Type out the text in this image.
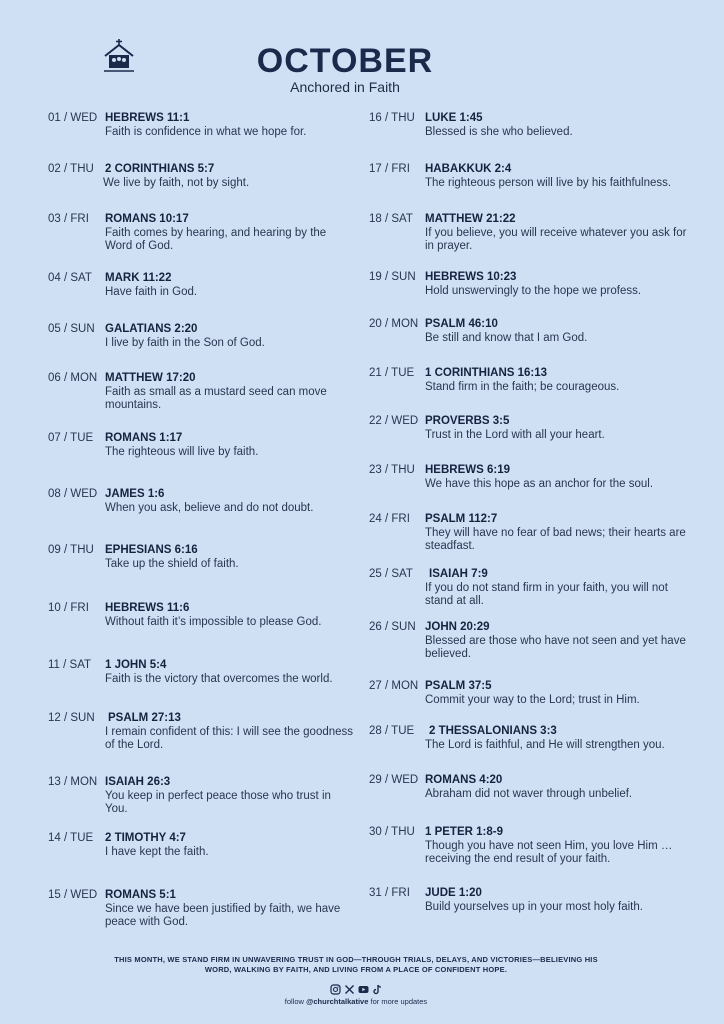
OCTOBER
Anchored in Faith
01 / WED HEBREWS 11:1
Faith is confidence in what we hope for.
02 / THU 2 CORINTHIANS 5:7
We live by faith, not by sight.
03 / FRI ROMANS 10:17
Faith comes by hearing, and hearing by the Word of God.
04 / SAT MARK 11:22
Have faith in God.
05 / SUN GALATIANS 2:20
I live by faith in the Son of God.
06 / MON MATTHEW 17:20
Faith as small as a mustard seed can move mountains.
07 / TUE ROMANS 1:17
The righteous will live by faith.
08 / WED JAMES 1:6
When you ask, believe and do not doubt.
09 / THU EPHESIANS 6:16
Take up the shield of faith.
10 / FRI HEBREWS 11:6
Without faith it’s impossible to please God.
11 / SAT 1 JOHN 5:4
Faith is the victory that overcomes the world.
12 / SUN PSALM 27:13
I remain confident of this: I will see the goodness of the Lord.
13 / MON ISAIAH 26:3
You keep in perfect peace those who trust in You.
14 / TUE 2 TIMOTHY 4:7
I have kept the faith.
15 / WED ROMANS 5:1
Since we have been justified by faith, we have peace with God.
16 / THU LUKE 1:45
Blessed is she who believed.
17 / FRI HABAKKUK 2:4
The righteous person will live by his faithfulness.
18 / SAT MATTHEW 21:22
If you believe, you will receive whatever you ask for in prayer.
19 / SUN HEBREWS 10:23
Hold unswervingly to the hope we profess.
20 / MON PSALM 46:10
Be still and know that I am God.
21 / TUE 1 CORINTHIANS 16:13
Stand firm in the faith; be courageous.
22 / WED PROVERBS 3:5
Trust in the Lord with all your heart.
23 / THU HEBREWS 6:19
We have this hope as an anchor for the soul.
24 / FRI PSALM 112:7
They will have no fear of bad news; their hearts are steadfast.
25 / SAT ISAIAH 7:9
If you do not stand firm in your faith, you will not stand at all.
26 / SUN JOHN 20:29
Blessed are those who have not seen and yet have believed.
27 / MON PSALM 37:5
Commit your way to the Lord; trust in Him.
28 / TUE 2 THESSALONIANS 3:3
The Lord is faithful, and He will strengthen you.
29 / WED ROMANS 4:20
Abraham did not waver through unbelief.
30 / THU 1 PETER 1:8-9
Though you have not seen Him, you love Him … receiving the end result of your faith.
31 / FRI JUDE 1:20
Build yourselves up in your most holy faith.
THIS MONTH, WE STAND FIRM IN UNWAVERING TRUST IN GOD—THROUGH TRIALS, DELAYS, AND VICTORIES—BELIEVING HIS WORD, WALKING BY FAITH, AND LIVING FROM A PLACE OF CONFIDENT HOPE.

follow @churchtalkative for more updates
